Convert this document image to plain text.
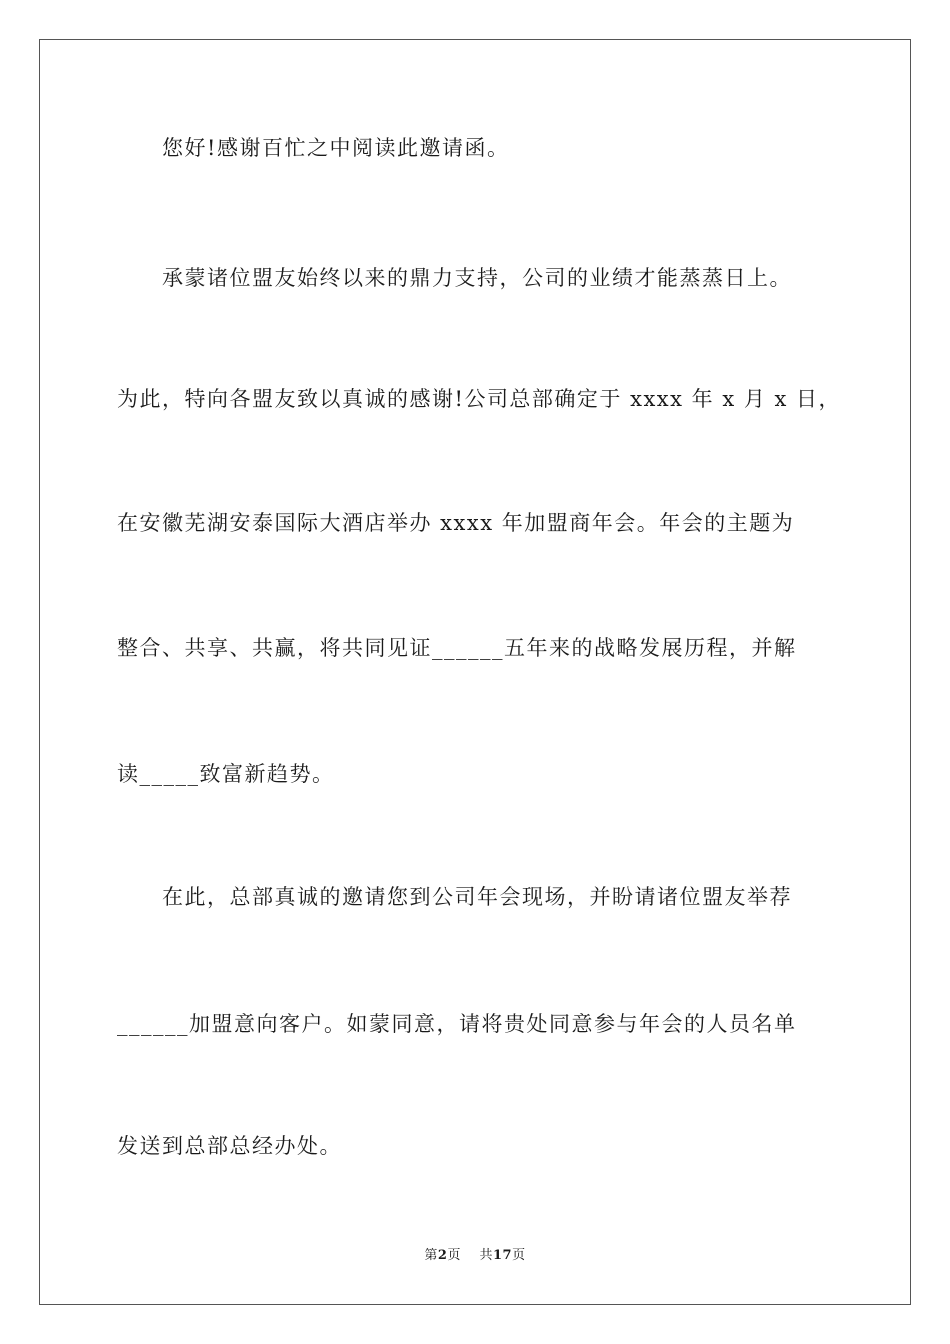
您好!感谢百忙之中阅读此邀请函。
承蒙诸位盟友始终以来的鼎力支持，公司的业绩才能蒸蒸日上。
为此，特向各盟友致以真诚的感谢!公司总部确定于 xxxx 年 x 月 x 日，
在安徽芜湖安泰国际大酒店举办 xxxx 年加盟商年会。年会的主题为
整合、共享、共赢，将共同见证______五年来的战略发展历程，并解
读_____致富新趋势。
在此，总部真诚的邀请您到公司年会现场，并盼请诸位盟友举荐
______加盟意向客户。如蒙同意，请将贵处同意参与年会的人员名单
发送到总部总经办处。
第2页 共17页
